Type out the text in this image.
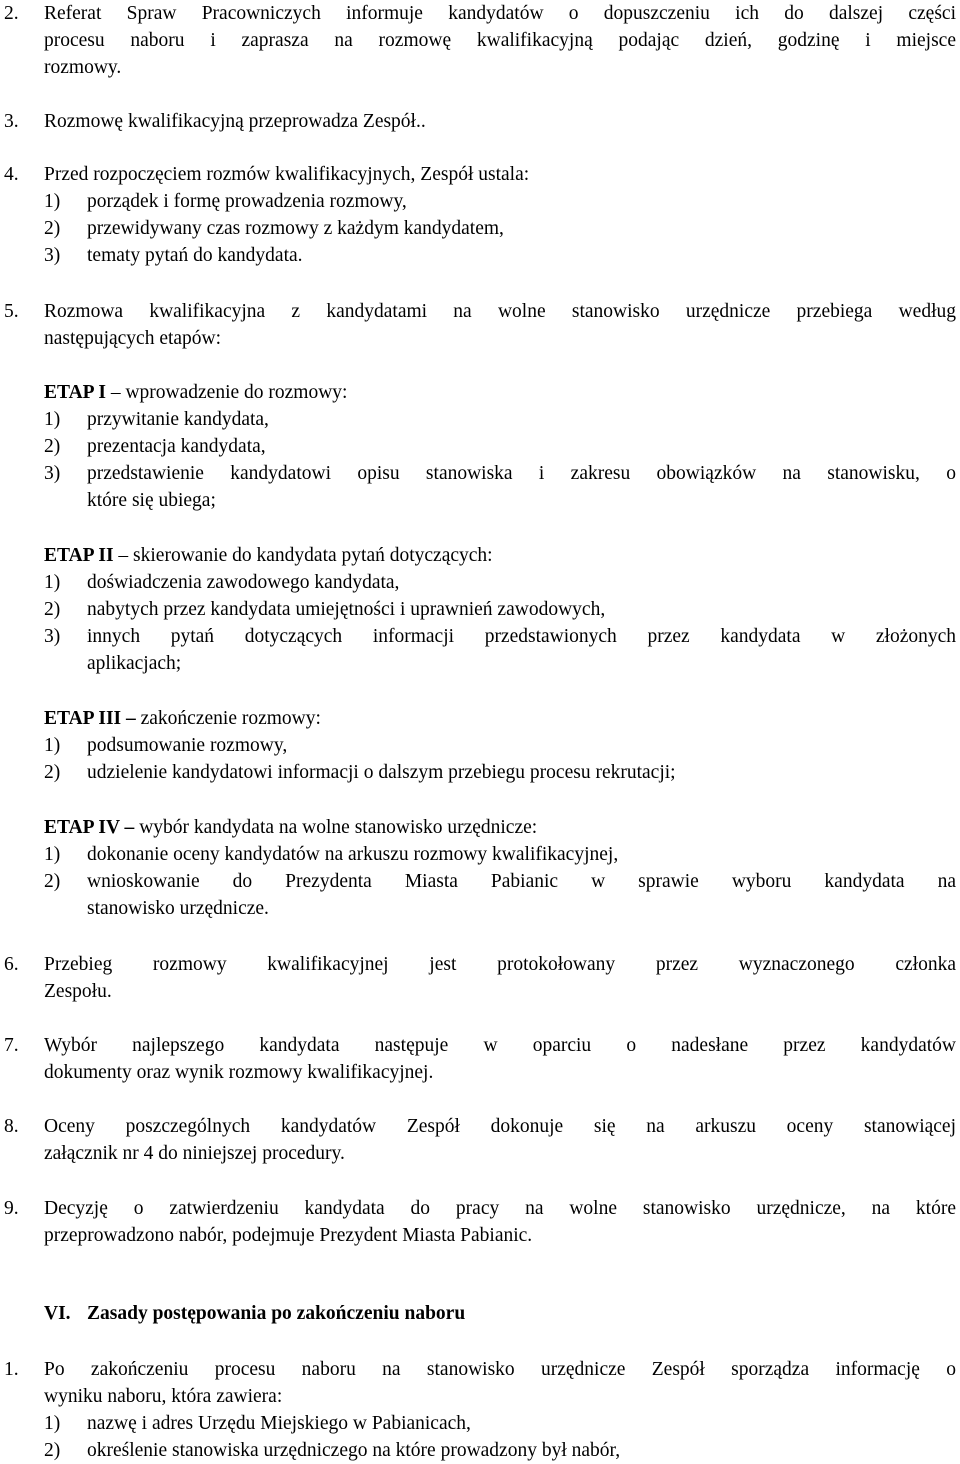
2. Referat Spraw Pracowniczych informuje kandydatów o dopuszczeniu ich do dalszej części
procesu naboru i zaprasza na rozmowę kwalifikacyjną podając dzień, godzinę i miejsce
rozmowy.
3. Rozmowę kwalifikacyjną przeprowadza Zespół..
4. Przed rozpoczęciem rozmów kwalifikacyjnych, Zespół ustala:
1) porządek i formę prowadzenia rozmowy,
2) przewidywany czas rozmowy z każdym kandydatem,
3) tematy pytań do kandydata.
5. Rozmowa kwalifikacyjna z kandydatami na wolne stanowisko urzędnicze przebiega według
następujących etapów:
ETAP I – wprowadzenie do rozmowy:
1) przywitanie kandydata,
2) prezentacja kandydata,
3) przedstawienie kandydatowi opisu stanowiska i zakresu obowiązków na stanowisku, o
które się ubiega;
ETAP II – skierowanie do kandydata pytań dotyczących:
1) doświadczenia zawodowego kandydata,
2) nabytych przez kandydata umiejętności i uprawnień zawodowych,
3) innych pytań dotyczących informacji przedstawionych przez kandydata w złożonych
aplikacjach;
ETAP III – zakończenie rozmowy:
1) podsumowanie rozmowy,
2) udzielenie kandydatowi informacji o dalszym przebiegu procesu rekrutacji;
ETAP IV – wybór kandydata na wolne stanowisko urzędnicze:
1) dokonanie oceny kandydatów na arkuszu rozmowy kwalifikacyjnej,
2) wnioskowanie do Prezydenta Miasta Pabianic w sprawie wyboru kandydata na
stanowisko urzędnicze.
6. Przebieg rozmowy kwalifikacyjnej jest protokołowany przez wyznaczonego członka
Zespołu.
7. Wybór najlepszego kandydata następuje w oparciu o nadesłane przez kandydatów
dokumenty oraz wynik rozmowy kwalifikacyjnej.
8. Oceny poszczególnych kandydatów Zespół dokonuje się na arkuszu oceny stanowiącej
załącznik nr 4 do niniejszej procedury.
9. Decyzję o zatwierdzeniu kandydata do pracy na wolne stanowisko urzędnicze, na które
przeprowadzono nabór, podejmuje Prezydent Miasta Pabianic.
VI. Zasady postępowania po zakończeniu naboru
1. Po zakończeniu procesu naboru na stanowisko urzędnicze Zespół sporządza informację o
wyniku naboru, która zawiera:
1) nazwę i adres Urzędu Miejskiego w Pabianicach,
2) określenie stanowiska urzędniczego na które prowadzony był nabór,
